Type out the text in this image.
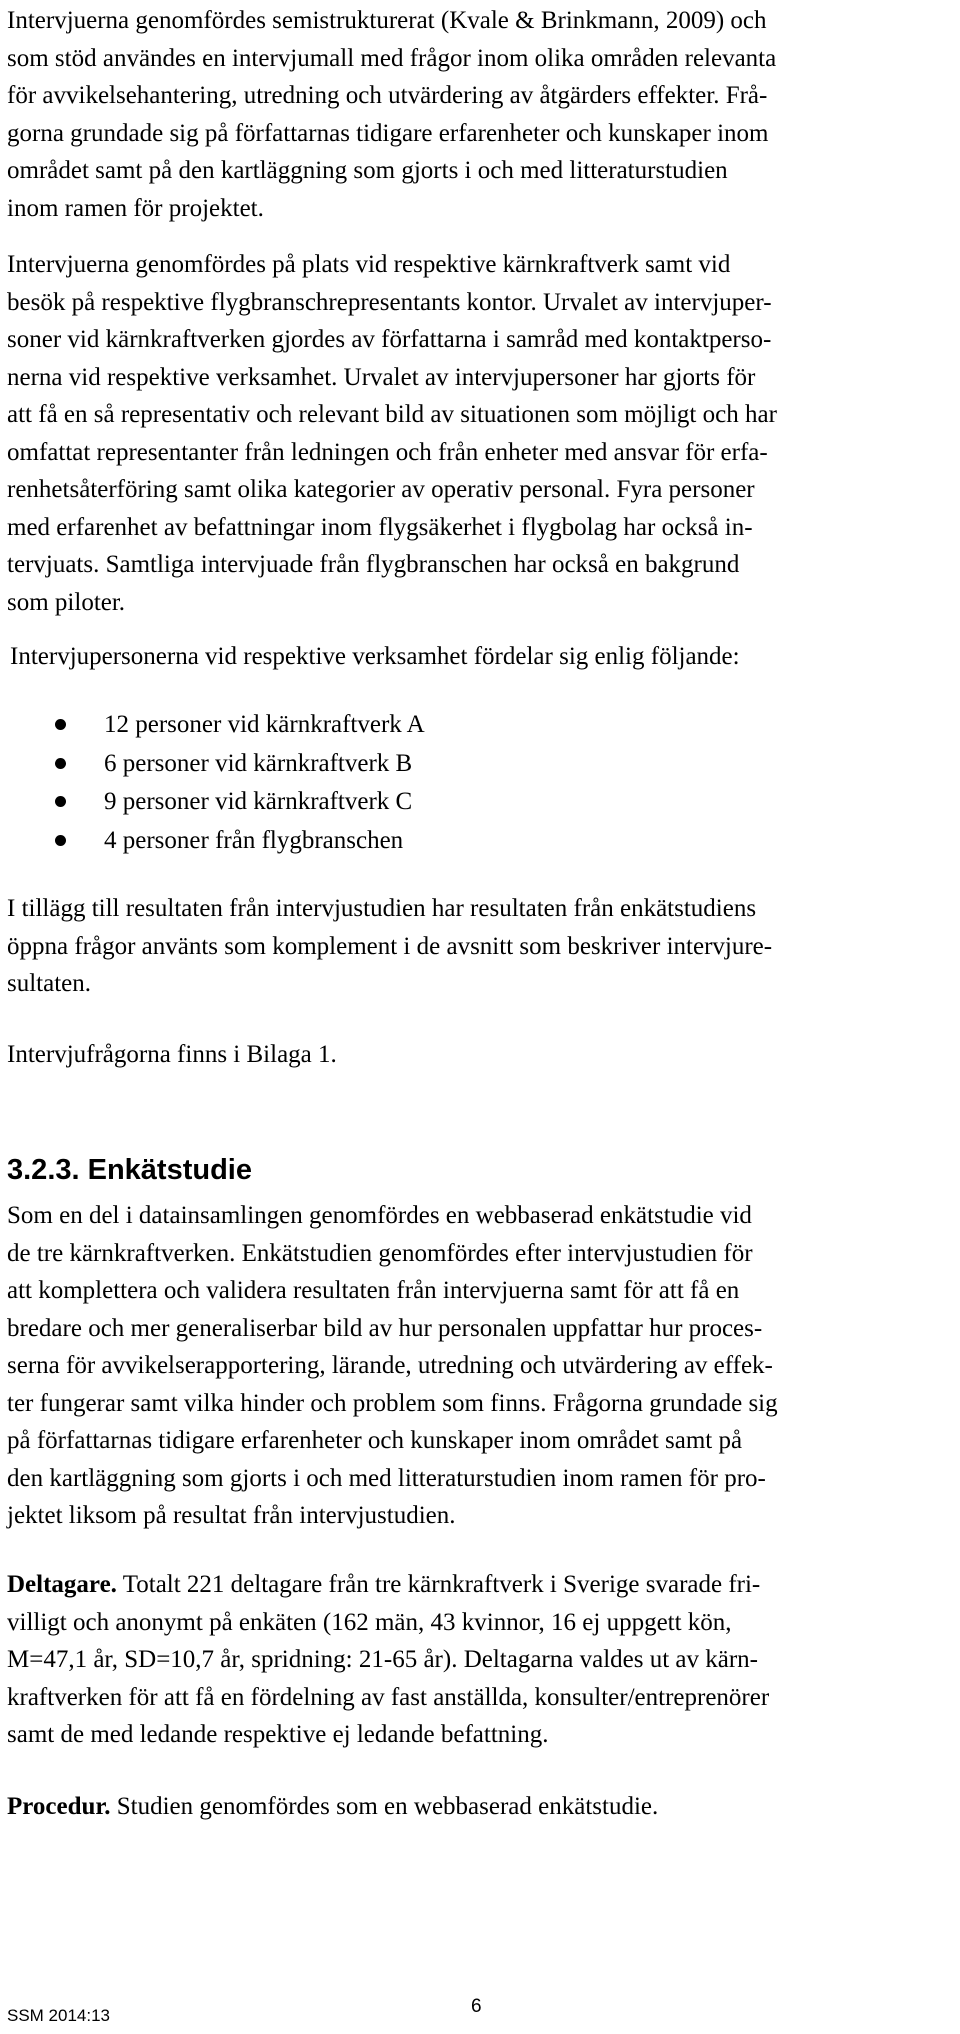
Intervjuerna genomfördes semistrukturerat (Kvale & Brinkmann, 2009) och
som stöd användes en intervjumall med frågor inom olika områden relevanta
för avvikelsehantering, utredning och utvärdering av åtgärders effekter. Frå-
gorna grundade sig på författarnas tidigare erfarenheter och kunskaper inom
området samt på den kartläggning som gjorts i och med litteraturstudien
inom ramen för projektet.

Intervjuerna genomfördes på plats vid respektive kärnkraftverk samt vid
besök på respektive flygbranschrepresentants kontor. Urvalet av intervjuper-
soner vid kärnkraftverken gjordes av författarna i samråd med kontaktperso-
nerna vid respektive verksamhet. Urvalet av intervjupersoner har gjorts för
att få en så representativ och relevant bild av situationen som möjligt och har
omfattat representanter från ledningen och från enheter med ansvar för erfa-
renhetsåterföring samt olika kategorier av operativ personal. Fyra personer
med erfarenhet av befattningar inom flygsäkerhet i flygbolag har också in-
tervjuats. Samtliga intervjuade från flygbranschen har också en bakgrund
som piloter.

Intervjupersonerna vid respektive verksamhet fördelar sig enlig följande:

12 personer vid kärnkraftverk A
6 personer vid kärnkraftverk B
9 personer vid kärnkraftverk C
4 personer från flygbranschen

I tillägg till resultaten från intervjustudien har resultaten från enkätstudiens
öppna frågor använts som komplement i de avsnitt som beskriver intervjure-
sultaten.

Intervjufrågorna finns i Bilaga 1.

3.2.3. Enkätstudie

Som en del i datainsamlingen genomfördes en webbaserad enkätstudie vid
de tre kärnkraftverken. Enkätstudien genomfördes efter intervjustudien för
att komplettera och validera resultaten från intervjuerna samt för att få en
bredare och mer generaliserbar bild av hur personalen uppfattar hur proces-
serna för avvikelserapportering, lärande, utredning och utvärdering av effek-
ter fungerar samt vilka hinder och problem som finns. Frågorna grundade sig
på författarnas tidigare erfarenheter och kunskaper inom området samt på
den kartläggning som gjorts i och med litteraturstudien inom ramen för pro-
jektet liksom på resultat från intervjustudien.

Deltagare. Totalt 221 deltagare från tre kärnkraftverk i Sverige svarade fri-
villigt och anonymt på enkäten (162 män, 43 kvinnor, 16 ej uppgett kön,
M=47,1 år, SD=10,7 år, spridning: 21-65 år). Deltagarna valdes ut av kärn-
kraftverken för att få en fördelning av fast anställda, konsulter/entreprenörer
samt de med ledande respektive ej ledande befattning.

Procedur. Studien genomfördes som en webbaserad enkätstudie.

SSM 2014:13	6
